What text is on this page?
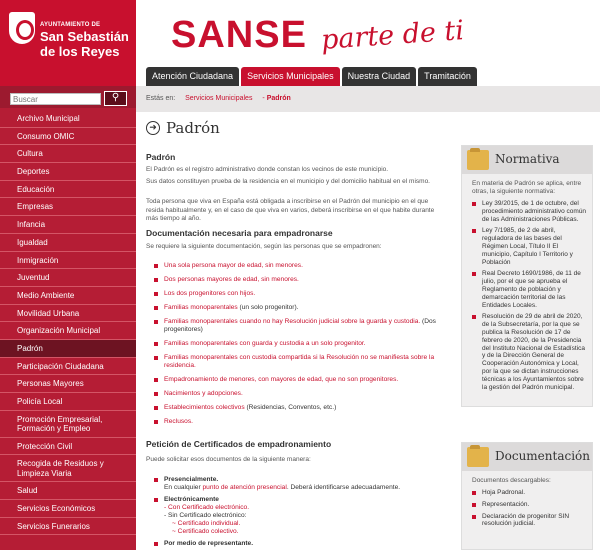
AYUNTAMIENTO DE
San Sebastián
de los Reyes
Archivo Municipal
Consumo OMIC
Cultura
Deportes
Educación
Empresas
Infancia
Igualdad
Inmigración
Juventud
Medio Ambiente
Movilidad Urbana
Organización Municipal
Padrón
Participación Ciudadana
Personas Mayores
Policía Local
Promoción Empresarial, Formación y Empleo
Protección Civil
Recogida de Residuos y Limpieza Viaria
Salud
Servicios Económicos
Servicios Funerarios
Buscar
⚲
SANSE parte de ti
Atención Ciudadana	Servicios Municipales	Nuestra Ciudad	Tramitación
Estás en: Servicios Municipales - Padrón
➜ Padrón
Padrón
El Padrón es el registro administrativo donde constan los vecinos de este municipio.
Sus datos constituyen prueba de la residencia en el municipio y del domicilio habitual en el mismo.
Toda persona que viva en España está obligada a inscribirse en el Padrón del municipio en el que resida habitualmente y, en el caso de que viva en varios, deberá inscribirse en el que habite durante más tiempo al año.
Documentación necesaria para empadronarse
Se requiere la siguiente documentación, según las personas que se empadronen:
Una sola persona mayor de edad, sin menores.
Dos personas mayores de edad, sin menores.
Los dos progenitores con hijos.
Familias monoparentales (un solo progenitor).
Familias monoparentales cuando no hay Resolución judicial sobre la guarda y custodia. (Dos progenitores)
Familias monoparentales con guarda y custodia a un solo progenitor.
Familias monoparentales con custodia compartida si la Resolución no se manifiesta sobre la residencia.
Empadronamiento de menores, con mayores de edad, que no son progenitores.
Nacimientos y adopciones.
Establecimientos colectivos (Residencias, Conventos, etc.)
Reclusos.
Petición de Certificados de empadronamiento
Puede solicitar esos documentos de la siguiente manera:
Presencialmente.
En cualquier punto de atención presencial. Deberá identificarse adecuadamente.
Electrónicamente
- Con Certificado electrónico.
- Sin Certificado electrónico:
~ Certificado individual.
~ Certificado colectivo.
Por medio de representante.
Normativa
En materia de Padrón se aplica, entre otras, la siguiente normativa:
Ley 39/2015, de 1 de octubre, del procedimiento administrativo común de las Administraciones Públicas.
Ley 7/1985, de 2 de abril, reguladora de las bases del Régimen Local, Título II El municipio, Capítulo I Territorio y Población
Real Decreto 1690/1986, de 11 de julio, por el que se aprueba el Reglamento de población y demarcación territorial de las Entidades Locales.
Resolución de 29 de abril de 2020, de la Subsecretaría, por la que se publica la Resolución de 17 de febrero de 2020, de la Presidencia del Instituto Nacional de Estadística y de la Dirección General de Cooperación Autonómica y Local, por la que se dictan instrucciones técnicas a los Ayuntamientos sobre la gestión del Padrón municipal.
Documentación
Documentos descargables:
Hoja Padronal.
Representación.
Declaración de progenitor SIN resolución judicial.
